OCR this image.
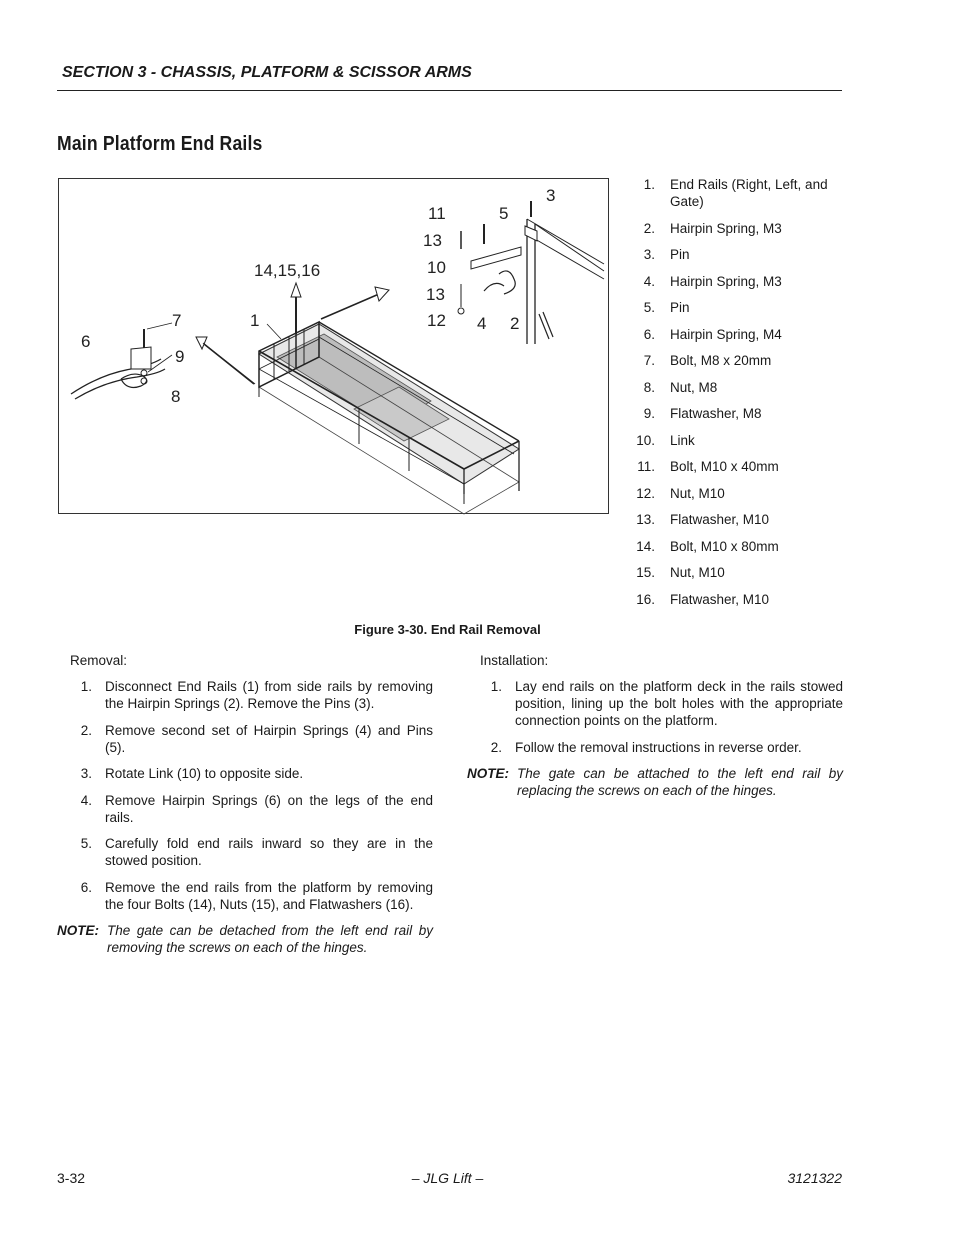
SECTION 3 - CHASSIS, PLATFORM & SCISSOR ARMS
Main Platform End Rails
3
11	5
13
10
13
12 4 2
14,15,16
1
7
6
9
8
1. End Rails (Right, Left, and Gate)
2. Hairpin Spring, M3
3. Pin
4. Hairpin Spring, M3
5. Pin
6. Hairpin Spring, M4
7. Bolt, M8 x 20mm
8. Nut, M8
9. Flatwasher, M8
10. Link
11. Bolt, M10 x 40mm
12. Nut, M10
13. Flatwasher, M10
14. Bolt, M10 x 80mm
15. Nut, M10
16. Flatwasher, M10
Figure 3-30. End Rail Removal

Removal:

1. Disconnect End Rails (1) from side rails by removing the Hairpin Springs (2). Remove the Pins (3).
2. Remove second set of Hairpin Springs (4) and Pins (5).
3. Rotate Link (10) to opposite side.
4. Remove Hairpin Springs (6) on the legs of the end rails.
5. Carefully fold end rails inward so they are in the stowed position.
6. Remove the end rails from the platform by removing the four Bolts (14), Nuts (15), and Flatwashers (16).
NOTE: The gate can be detached from the left end rail by removing the screws on each of the hinges.

Installation:

1. Lay end rails on the platform deck in the rails stowed position, lining up the bolt holes with the appropriate connection points on the platform.
2. Follow the removal instructions in reverse order.
NOTE: The gate can be attached to the left end rail by replacing the screws on each of the hinges.
3-32	– JLG Lift –	3121322
